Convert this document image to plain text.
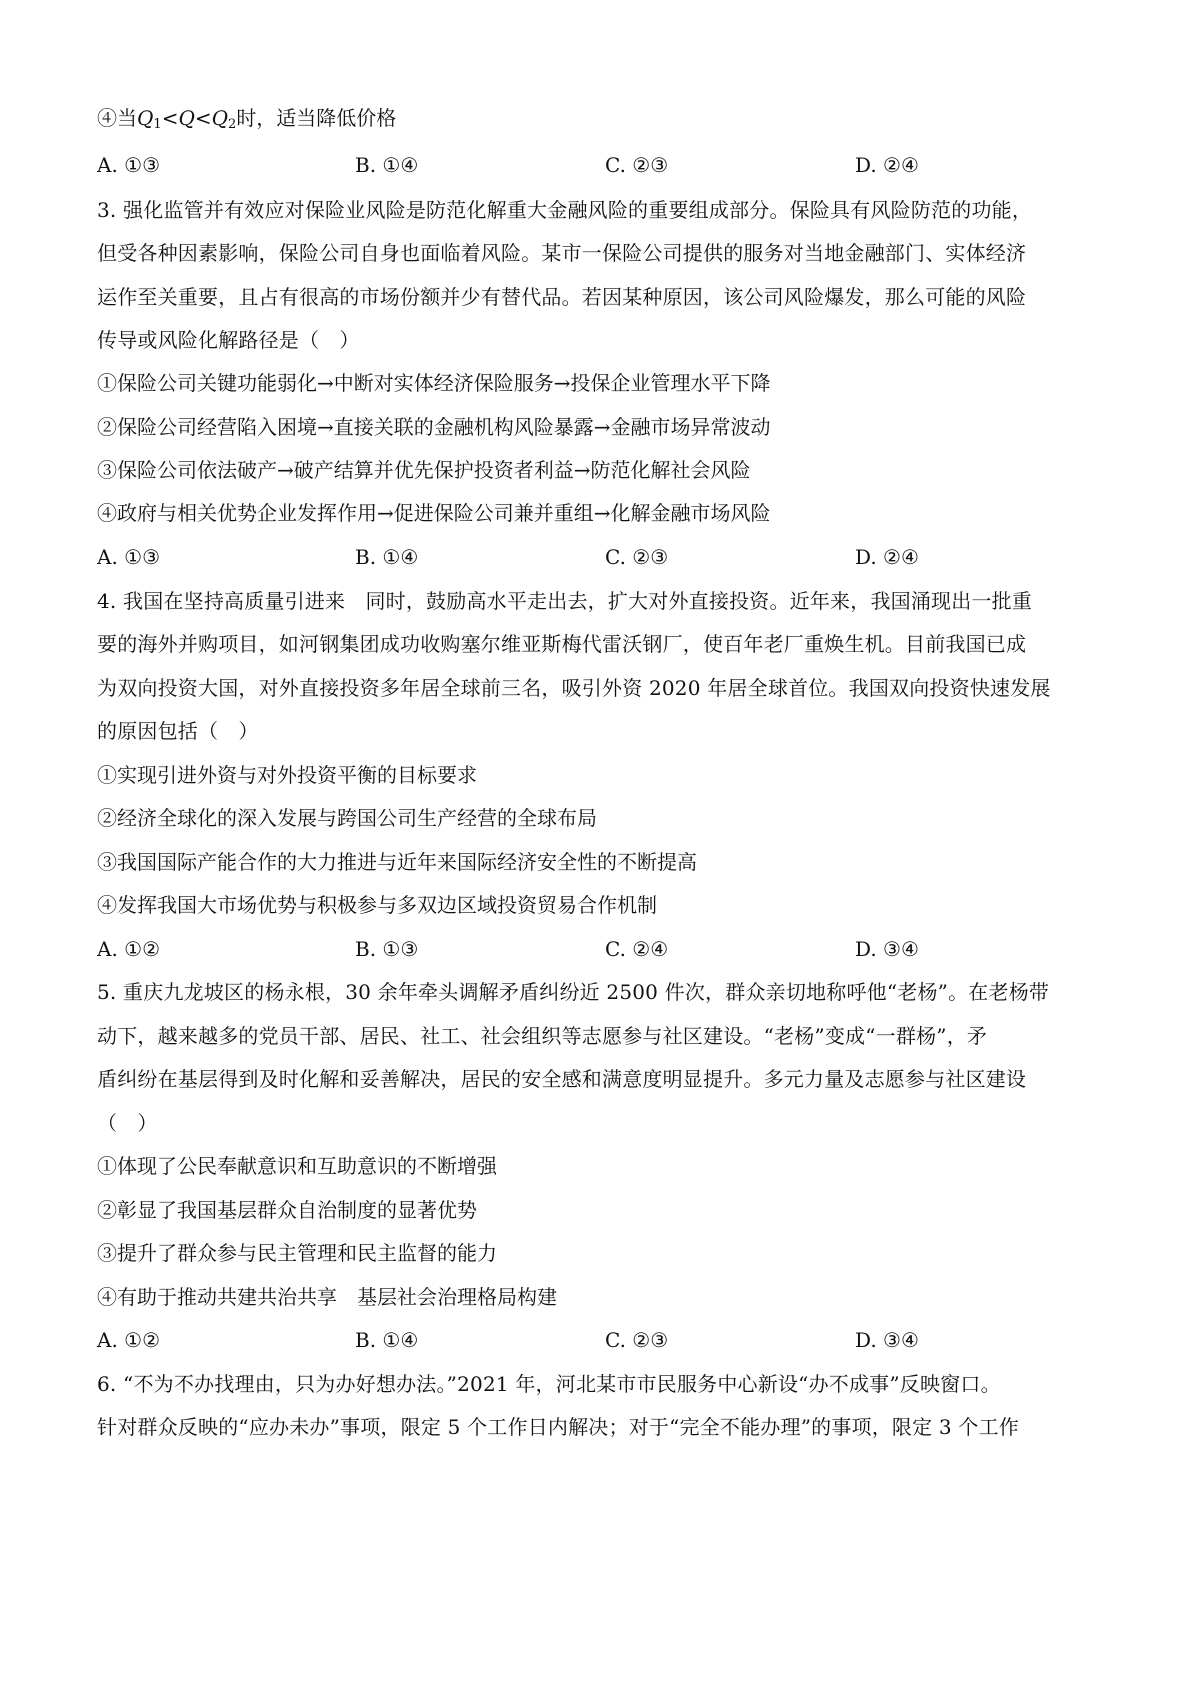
④当$Q_1<Q<Q_2$时，适当降低价格
A. ①③	B. ①④	C. ②③	D. ②④
3. 强化监管并有效应对保险业风险是防范化解重大金融风险的重要组成部分。保险具有风险防范的功能，
但受各种因素影响，保险公司自身也面临着风险。某市一保险公司提供的服务对当地金融部门、实体经济
运作至关重要，且占有很高的市场份额并少有替代品。若因某种原因，该公司风险爆发，那么可能的风险
传导或风险化解路径是（　）
①保险公司关键功能弱化→中断对实体经济保险服务→投保企业管理水平下降
②保险公司经营陷入困境→直接关联的金融机构风险暴露→金融市场异常波动
③保险公司依法破产→破产结算并优先保护投资者利益→防范化解社会风险
④政府与相关优势企业发挥作用→促进保险公司兼并重组→化解金融市场风险
A. ①③	B. ①④	C. ②③	D. ②④
4. 我国在坚持高质量引进来　同时，鼓励高水平走出去，扩大对外直接投资。近年来，我国涌现出一批重
要的海外并购项目，如河钢集团成功收购塞尔维亚斯梅代雷沃钢厂，使百年老厂重焕生机。目前我国已成
为双向投资大国，对外直接投资多年居全球前三名，吸引外资 2020 年居全球首位。我国双向投资快速发展
的原因包括（　）
①实现引进外资与对外投资平衡的目标要求
②经济全球化的深入发展与跨国公司生产经营的全球布局
③我国国际产能合作的大力推进与近年来国际经济安全性的不断提高
④发挥我国大市场优势与积极参与多双边区域投资贸易合作机制
A. ①②	B. ①③	C. ②④	D. ③④
5. 重庆九龙坡区的杨永根，30 余年牵头调解矛盾纠纷近 2500 件次，群众亲切地称呼他“老杨”。在老杨带
动下，越来越多的党员干部、居民、社工、社会组织等志愿参与社区建设。“老杨”变成“一群杨”，矛
盾纠纷在基层得到及时化解和妥善解决，居民的安全感和满意度明显提升。多元力量及志愿参与社区建设
（　）
①体现了公民奉献意识和互助意识的不断增强
②彰显了我国基层群众自治制度的显著优势
③提升了群众参与民主管理和民主监督的能力
④有助于推动共建共治共享　基层社会治理格局构建
A. ①②	B. ①④	C. ②③	D. ③④
6. “不为不办找理由，只为办好想办法。”2021 年，河北某市市民服务中心新设“办不成事”反映窗口。
针对群众反映的“应办未办”事项，限定 5 个工作日内解决；对于“完全不能办理”的事项，限定 3 个工作
